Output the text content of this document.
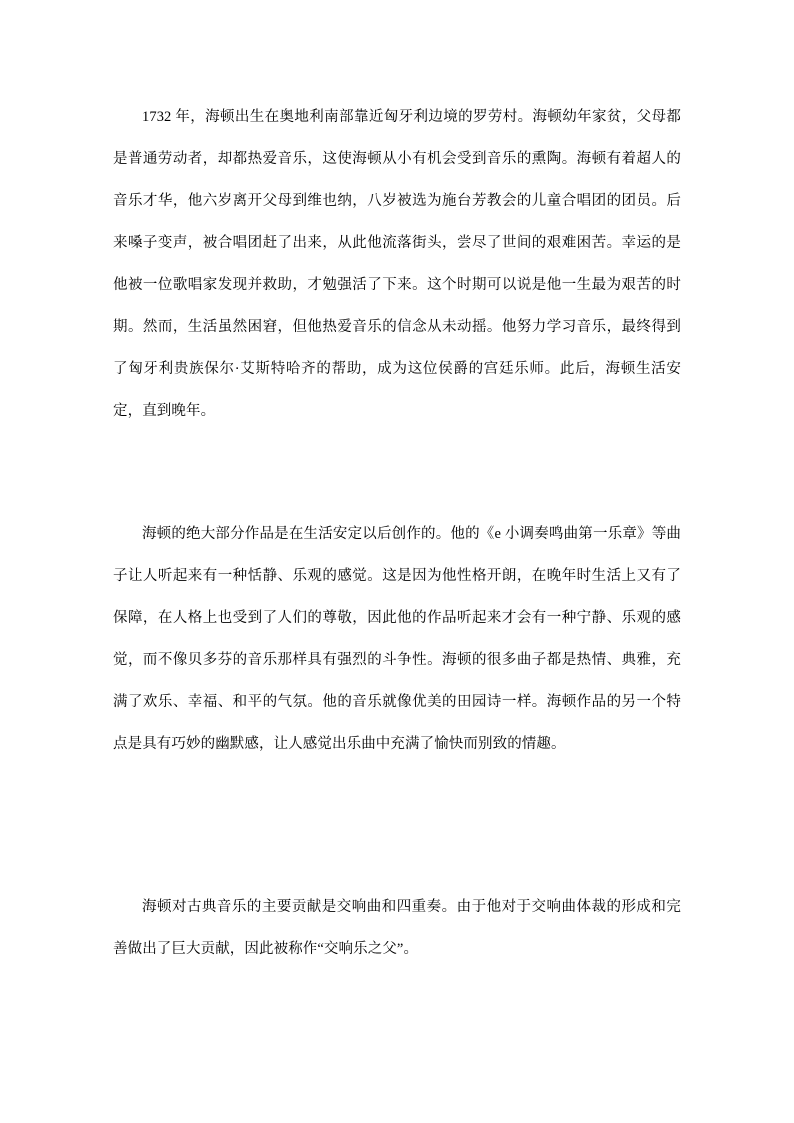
1732 年，海顿出生在奥地利南部靠近匈牙利边境的罗劳村。海顿幼年家贫，父母都是普通劳动者，却都热爱音乐，这使海顿从小有机会受到音乐的熏陶。海顿有着超人的音乐才华，他六岁离开父母到维也纳，八岁被选为施台芳教会的儿童合唱团的团员。后来嗓子变声，被合唱团赶了出来，从此他流落街头，尝尽了世间的艰难困苦。幸运的是他被一位歌唱家发现并救助，才勉强活了下来。这个时期可以说是他一生最为艰苦的时期。然而，生活虽然困窘，但他热爱音乐的信念从未动摇。他努力学习音乐，最终得到了匈牙利贵族保尔·艾斯特哈齐的帮助，成为这位侯爵的宫廷乐师。此后，海顿生活安定，直到晚年。

海顿的绝大部分作品是在生活安定以后创作的。他的《e 小调奏鸣曲第一乐章》等曲子让人听起来有一种恬静、乐观的感觉。这是因为他性格开朗，在晚年时生活上又有了保障，在人格上也受到了人们的尊敬，因此他的作品听起来才会有一种宁静、乐观的感觉，而不像贝多芬的音乐那样具有强烈的斗争性。海顿的很多曲子都是热情、典雅，充满了欢乐、幸福、和平的气氛。他的音乐就像优美的田园诗一样。海顿作品的另一个特点是具有巧妙的幽默感，让人感觉出乐曲中充满了愉快而别致的情趣。

海顿对古典音乐的主要贡献是交响曲和四重奏。由于他对于交响曲体裁的形成和完善做出了巨大贡献，因此被称作“交响乐之父”。
